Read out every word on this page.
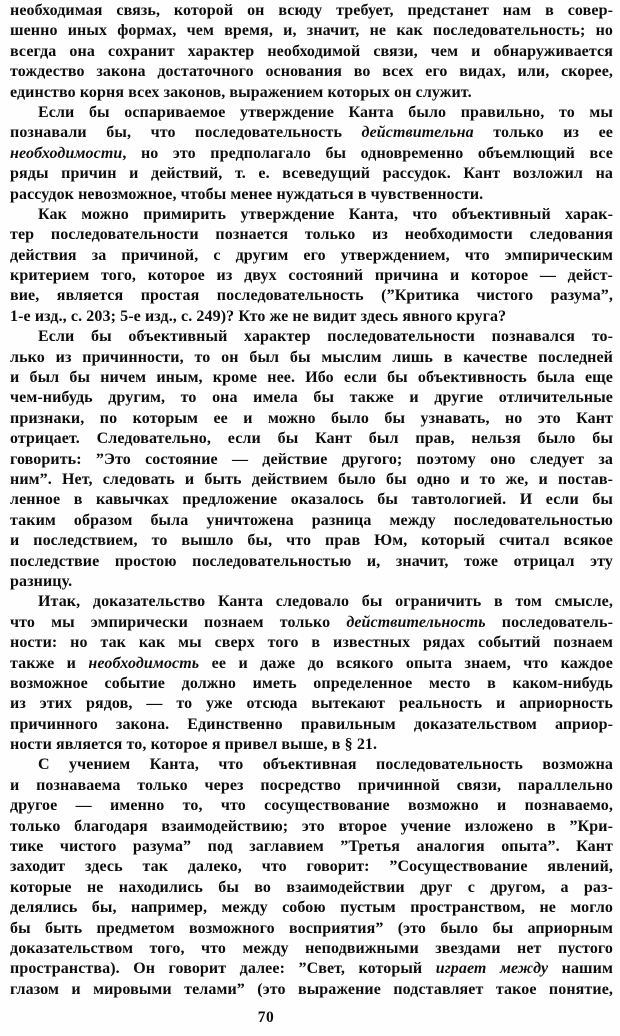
необходимая связь, которой он всюду требует, предстанет нам в совер-
шенно иных формах, чем время, и, значит, не как последовательность; но
всегда она сохранит характер необходимой связи, чем и обнаруживается
тождество закона достаточного основания во всех его видах, или, скорее,
единство корня всех законов, выражением которых он служит.
Если бы оспариваемое утверждение Канта было правильно, то мы
познавали бы, что последовательность действительна только из ее
необходимости, но это предполагало бы одновременно объемлющий все
ряды причин и действий, т. е. всеведущий рассудок. Кант возложил на
рассудок невозможное, чтобы менее нуждаться в чувственности.
Как можно примирить утверждение Канта, что объективный харак-
тер последовательности познается только из необходимости следования
действия за причиной, с другим его утверждением, что эмпирическим
критерием того, которое из двух состояний причина и которое — дейст-
вие, является простая последовательность (”Критика чистого разума”,
1-е изд., с. 203; 5-е изд., с. 249)? Кто же не видит здесь явного круга?
Если бы объективный характер последовательности познавался то-
лько из причинности, то он был бы мыслим лишь в качестве последней
и был бы ничем иным, кроме нее. Ибо если бы объективность была еще
чем-нибудь другим, то она имела бы также и другие отличительные
признаки, по которым ее и можно было бы узнавать, но это Кант
отрицает. Следовательно, если бы Кант был прав, нельзя было бы
говорить: ”Это состояние — действие другого; поэтому оно следует за
ним”. Нет, следовать и быть действием было бы одно и то же, и постав-
ленное в кавычках предложение оказалось бы тавтологией. И если бы
таким образом была уничтожена разница между последовательностью
и последствием, то вышло бы, что прав Юм, который считал всякое
последствие простою последовательностью и, значит, тоже отрицал эту
разницу.
Итак, доказательство Канта следовало бы ограничить в том смысле,
что мы эмпирически познаем только действительность последователь-
ности: но так как мы сверх того в известных рядах событий познаем
также и необходимость ее и даже до всякого опыта знаем, что каждое
возможное событие должно иметь определенное место в каком-нибудь
из этих рядов, — то уже отсюда вытекают реальность и априорность
причинного закона. Единственно правильным доказательством априор-
ности является то, которое я привел выше, в § 21.
С учением Канта, что объективная последовательность возможна
и познаваема только через посредство причинной связи, параллельно
другое — именно то, что сосуществование возможно и познаваемо,
только благодаря взаимодействию; это второе учение изложено в ”Кри-
тике чистого разума” под заглавием ”Третья аналогия опыта”. Кант
заходит здесь так далеко, что говорит: ”Сосуществование явлений,
которые не находились бы во взаимодействии друг с другом, а раз-
делялись бы, например, между собою пустым пространством, не могло
бы быть предметом возможного восприятия” (это было бы априорным
доказательством того, что между неподвижными звездами нет пустого
пространства). Он говорит далее: ”Свет, который играет между нашим
глазом и мировыми телами” (это выражение подставляет такое понятие,
70
